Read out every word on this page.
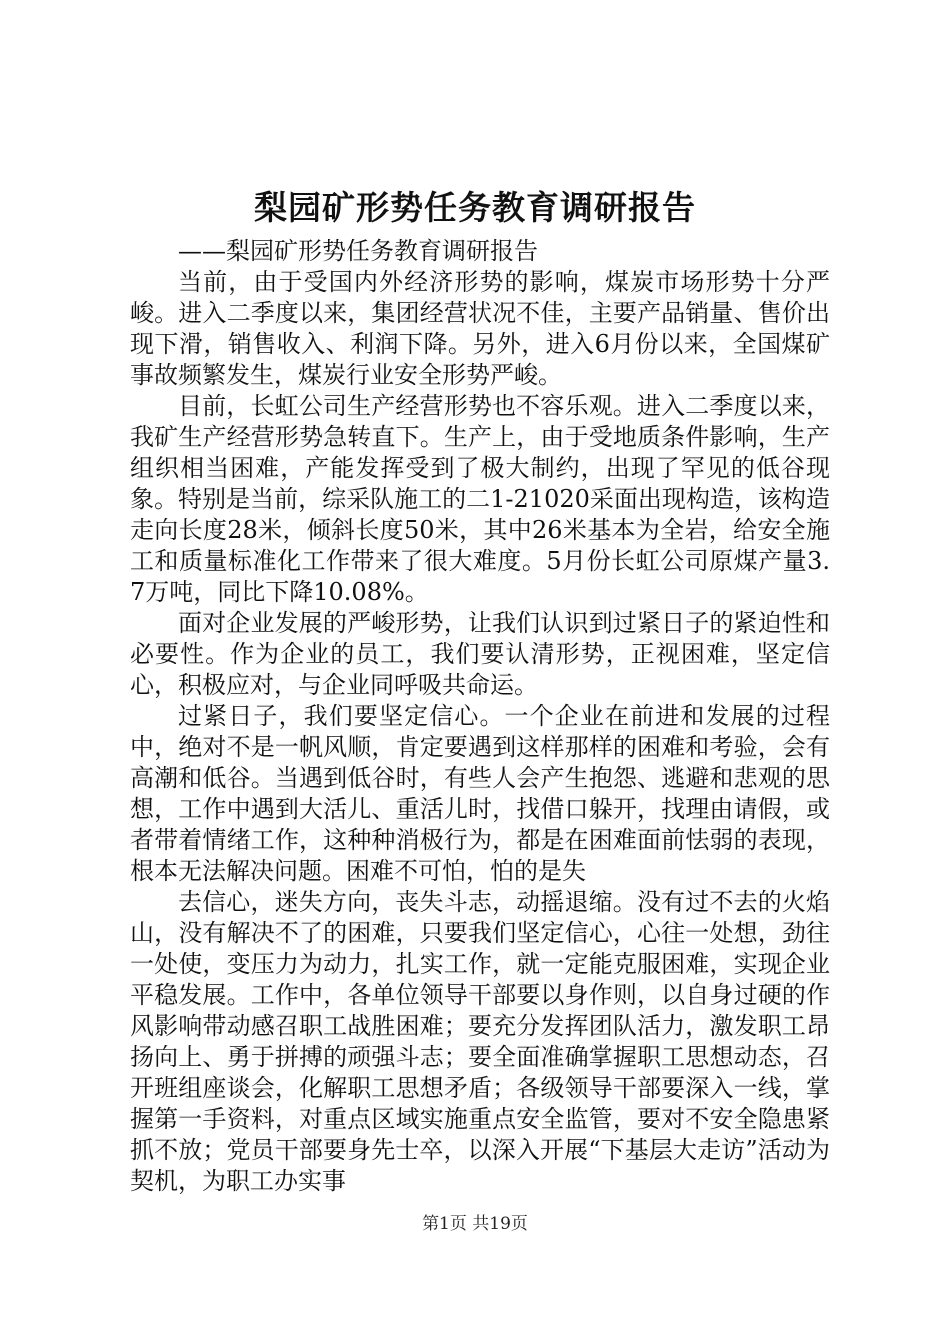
梨园矿形势任务教育调研报告

——梨园矿形势任务教育调研报告

当前，由于受国内外经济形势的影响，煤炭市场形势十分严峻。进入二季度以来，集团经营状况不佳，主要产品销量、售价出现下滑，销售收入、利润下降。另外，进入6月份以来，全国煤矿事故频繁发生，煤炭行业安全形势严峻。

目前，长虹公司生产经营形势也不容乐观。进入二季度以来，我矿生产经营形势急转直下。生产上，由于受地质条件影响，生产组织相当困难，产能发挥受到了极大制约，出现了罕见的低谷现象。特别是当前，综采队施工的二1-21020采面出现构造，该构造走向长度28米，倾斜长度50米，其中26米基本为全岩，给安全施工和质量标准化工作带来了很大难度。5月份长虹公司原煤产量3.7万吨，同比下降10.08%。

面对企业发展的严峻形势，让我们认识到过紧日子的紧迫性和必要性。作为企业的员工，我们要认清形势，正视困难，坚定信心，积极应对，与企业同呼吸共命运。

过紧日子，我们要坚定信心。一个企业在前进和发展的过程中，绝对不是一帆风顺，肯定要遇到这样那样的困难和考验，会有高潮和低谷。当遇到低谷时，有些人会产生抱怨、逃避和悲观的思想，工作中遇到大活儿、重活儿时，找借口躲开，找理由请假，或者带着情绪工作，这种种消极行为，都是在困难面前怯弱的表现，根本无法解决问题。困难不可怕，怕的是失

去信心，迷失方向，丧失斗志，动摇退缩。没有过不去的火焰山，没有解决不了的困难，只要我们坚定信心，心往一处想，劲往一处使，变压力为动力，扎实工作，就一定能克服困难，实现企业平稳发展。工作中，各单位领导干部要以身作则，以自身过硬的作风影响带动感召职工战胜困难；要充分发挥团队活力，激发职工昂扬向上、勇于拼搏的顽强斗志；要全面准确掌握职工思想动态，召开班组座谈会，化解职工思想矛盾；各级领导干部要深入一线，掌握第一手资料，对重点区域实施重点安全监管，要对不安全隐患紧抓不放；党员干部要身先士卒，以深入开展“下基层大走访”活动为契机，为职工办实事

第1页 共19页
